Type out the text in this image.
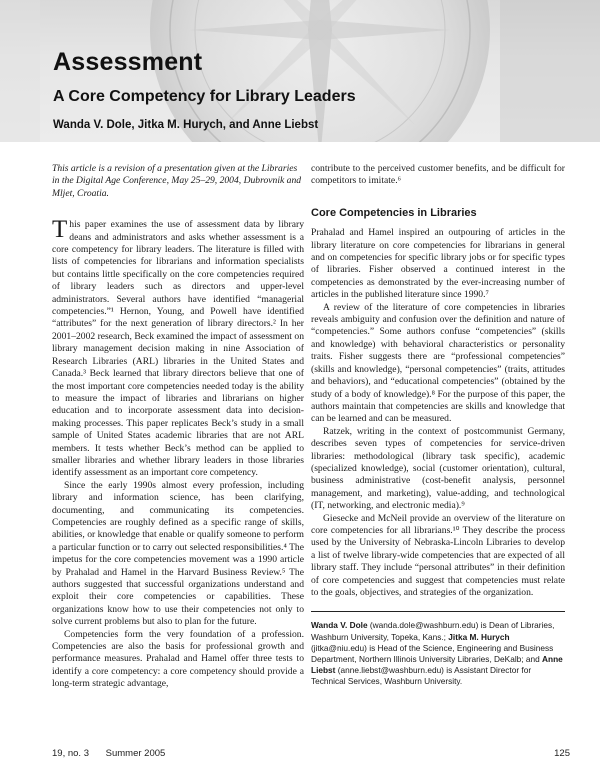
Assessment
A Core Competency for Library Leaders
Wanda V. Dole, Jitka M. Hurych, and Anne Liebst

This article is a revision of a presentation given at the Libraries in the Digital Age Conference, May 25–29, 2004, Dubrovnik and Mljet, Croatia.

This paper examines the use of assessment data by library deans and administrators and asks whether assessment is a core competency for library leaders. The literature is filled with lists of competencies for librarians and information specialists but contains little specifically on the core competencies required of library leaders such as directors and upper-level administrators. Several authors have identified “managerial competencies.”¹ Hernon, Young, and Powell have identified “attributes” for the next generation of library directors.² In her 2001–2002 research, Beck examined the impact of assessment on library management decision making in nine Association of Research Libraries (ARL) libraries in the United States and Canada.³ Beck learned that library directors believe that one of the most important core competencies needed today is the ability to measure the impact of libraries and librarians on higher education and to incorporate assessment data into decision-making processes. This paper replicates Beck’s study in a small sample of United States academic libraries that are not ARL members. It tests whether Beck’s method can be applied to smaller libraries and whether library leaders in those libraries identify assessment as an important core competency.

Since the early 1990s almost every profession, including library and information science, has been clarifying, documenting, and communicating its competencies. Competencies are roughly defined as a specific range of skills, abilities, or knowledge that enable or qualify someone to perform a particular function or to carry out selected responsibilities.⁴ The impetus for the core competencies movement was a 1990 article by Prahalad and Hamel in the Harvard Business Review.⁵ The authors suggested that successful organizations understand and exploit their core competencies or capabilities. These organizations know how to use their competencies not only to solve current problems but also to plan for the future.

Competencies form the very foundation of a profession. Competencies are also the basis for professional growth and performance measures. Prahalad and Hamel offer three tests to identify a core competency: a core competency should provide a long-term strategic advantage,

contribute to the perceived customer benefits, and be difficult for competitors to imitate.⁶

Core Competencies in Libraries

Prahalad and Hamel inspired an outpouring of articles in the library literature on core competencies for librarians in general and on competencies for specific library jobs or for specific types of libraries. Fisher observed a continued interest in the competencies as demonstrated by the ever-increasing number of articles in the published literature since 1990.⁷

A review of the literature of core competencies in libraries reveals ambiguity and confusion over the definition and nature of “competencies.” Some authors confuse “competencies” (skills and knowledge) with behavioral characteristics or personality traits. Fisher suggests there are “professional competencies” (skills and knowledge), “personal competencies” (traits, attitudes and behaviors), and “educational competencies” (obtained by the study of a body of knowledge).⁸ For the purpose of this paper, the authors maintain that competencies are skills and knowledge that can be learned and can be measured.

Ratzek, writing in the context of postcommunist Germany, describes seven types of competencies for service-driven libraries: methodological (library task specific), academic (specialized knowledge), social (customer orientation), cultural, business administrative (cost-benefit analysis, personnel management, and marketing), value-adding, and technological (IT, networking, and electronic media).⁹

Giesecke and McNeil provide an overview of the literature on core competencies for all librarians.¹⁰ They describe the process used by the University of Nebraska-Lincoln Libraries to develop a list of twelve library-wide competencies that are expected of all library staff. They include “personal attributes” in their definition of core competencies and suggest that competencies must relate to the goals, objectives, and strategies of the organization.

Wanda V. Dole (wanda.dole@washburn.edu) is Dean of Libraries, Washburn University, Topeka, Kans.; Jitka M. Hurych (jitka@niu.edu) is Head of the Science, Engineering and Business Department, Northern Illinois University Libraries, DeKalb; and Anne Liebst (anne.liebst@washburn.edu) is Assistant Director for Technical Services, Washburn University.

19, no. 3 Summer 2005	125
